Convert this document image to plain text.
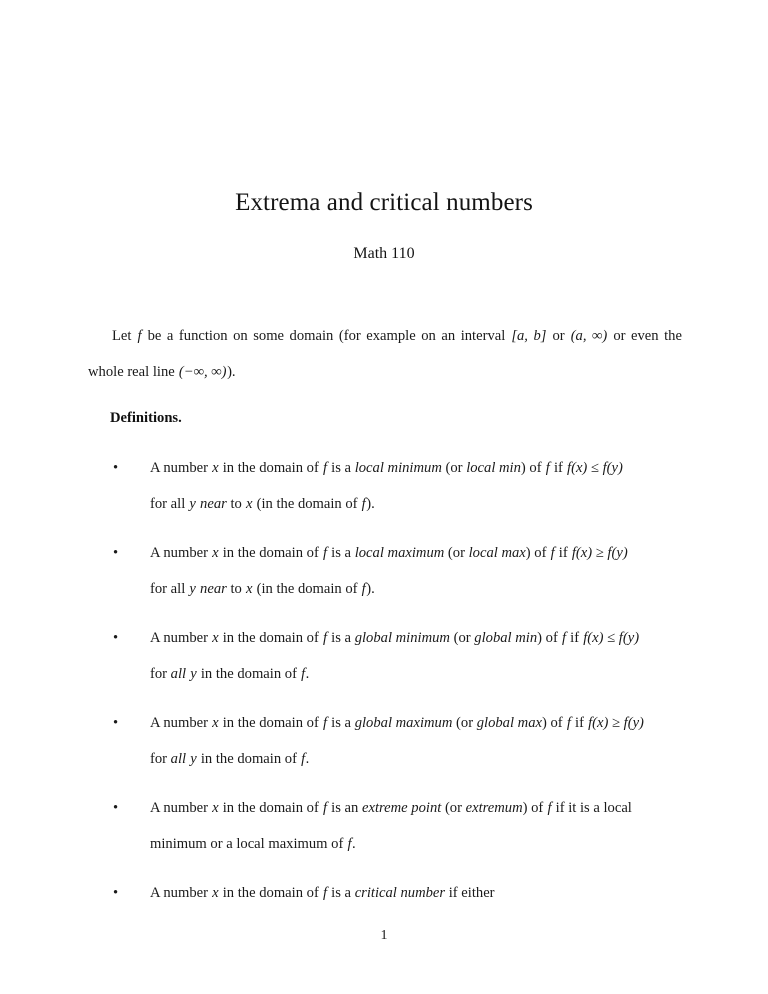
Extrema and critical numbers
Math 110

Let f be a function on some domain (for example on an interval [a, b] or (a, ∞) or even the whole real line (−∞, ∞)).

Definitions.
• A number x in the domain of f is a local minimum (or local min) of f if f(x) ≤ f(y)
for all y near to x (in the domain of f).
• A number x in the domain of f is a local maximum (or local max) of f if f(x) ≥ f(y)
for all y near to x (in the domain of f).
• A number x in the domain of f is a global minimum (or global min) of f if f(x) ≤ f(y)
for all y in the domain of f.
• A number x in the domain of f is a global maximum (or global max) of f if f(x) ≥ f(y)
for all y in the domain of f.
• A number x in the domain of f is an extreme point (or extremum) of f if it is a local
minimum or a local maximum of f.
• A number x in the domain of f is a critical number if either
1
